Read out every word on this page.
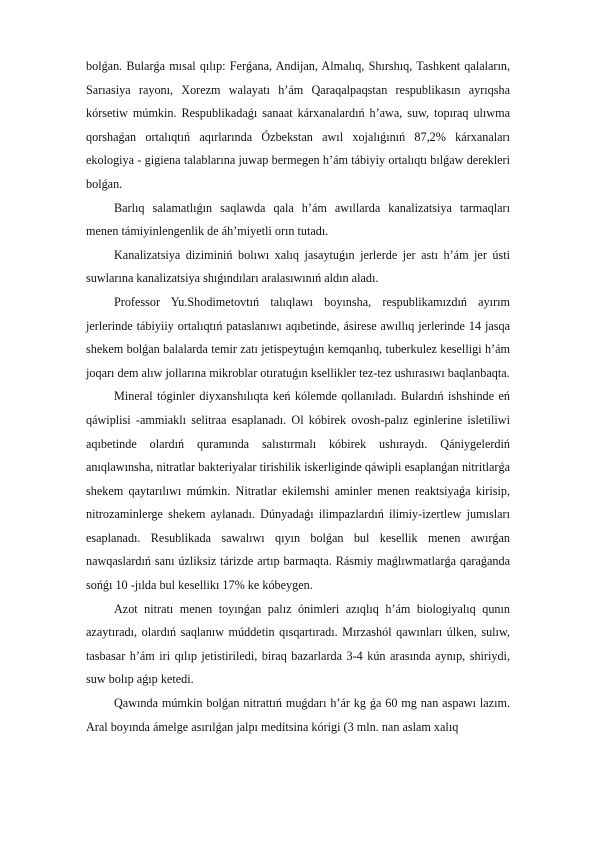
bolǵan. Bularǵa mısal qılıp: Ferǵana, Andijan, Almalıq, Shırshıq, Tashkent qalaların, Sarıasiya rayonı, Xorezm walayatı h’ám Qaraqalpaqstan respublikasın ayrıqsha kórsetiw múmkin. Respublikadaǵı sanaat kárxanalardıń h’awa, suw, topıraq ulıwma qorshaǵan ortalıqtıń aqırlarında Ózbekstan awıl xojalıǵınıń 87,2% kárxanaları ekologiya - gigiena talablarına juwap bermegen h’ám tábiyiy ortalıqtı bılǵaw derekleri bolǵan.

Barlıq salamatlıǵın saqlawda qala h’ám awıllarda kanalizatsiya tarmaqları menen támiyinlengenlik de áh’miyetli orın tutadı.

Kanalizatsiya diziminiń bolıwı xalıq jasaytuǵın jerlerde jer astı h’ám jer ústi suwlarına kanalizatsiya shıǵındıları aralasıwınıń aldın aladı.

Professor Yu.Shodimetovtıń talıqlawı boyınsha, respublikamızdıń ayırım jerlerinde tábiyiiy ortalıqtıń pataslanıwı aqıbetinde, ásirese awıllıq jerlerinde 14 jasqa shekem bolǵan balalarda temir zatı jetispeytuǵın kemqanlıq, tuberkulez keselligi h’ám joqarı dem alıw jollarına mikroblar otıratuǵın ksellikler tez-tez ushırasıwı baqlanbaqta.

Mineral tóginler diyxanshılıqta keń kólemde qollanıladı. Bulardıń ishshinde eń qáwiplisi -ammiaklı selitraa esaplanadı. Ol kóbirek ovosh-palız eginlerine isletiliwi aqıbetinde olardıń quramında salıstırmalı kóbirek ushıraydı. Qániygelerdiń anıqlawınsha, nitratlar bakteriyalar tirishilik iskerliginde qáwipli esaplanǵan nitritlarǵa shekem qaytarılıwı múmkin. Nitratlar ekilemshi aminler menen reaktsiyaǵa kirisip, nitrozaminlerge shekem aylanadı. Dúnyadaǵı ilimpazlardıń ilimiy-izertlew jumısları esaplanadı. Resublikada sawalıwı qıyın bolǵan bul kesellik menen awırǵan nawqaslardıń sanı úzliksiz tárizde artıp barmaqta. Rásmiy maǵlıwmatlarǵa qaraǵanda sońǵı 10 -jılda bul kesellikı 17% ke kóbeygen.

Azot nitratı menen toyınǵan palız ónimleri azıqlıq h’ám biologiyalıq qunın azaytıradı, olardıń saqlanıw múddetin qısqartıradı. Mırzashól qawınları úlken, sulıw, tasbasar h’ám iri qılıp jetistiriledi, biraq bazarlarda 3-4 kún arasında aynıp, shiriydi, suw bolıp aǵıp ketedi.

Qawında múmkin bolǵan nitrattıń muǵdarı h’ár kg ǵa 60 mg nan aspawı lazım. Aral boyında ámelge asırılǵan jalpı meditsina kórigi (3 mln. nan aslam xalıq
